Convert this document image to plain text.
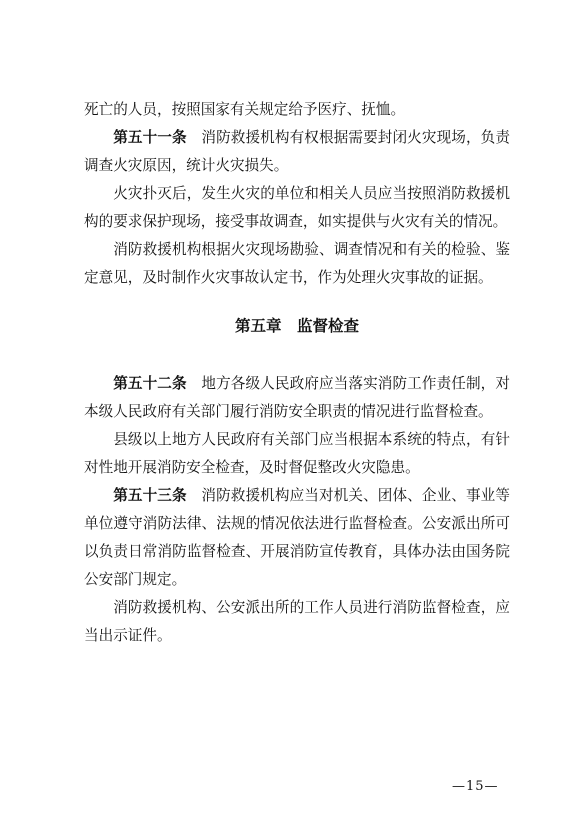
死亡的人员，按照国家有关规定给予医疗、抚恤。

第五十一条　 消防救援机构有权根据需要封闭火灾现场，负责调查火灾原因，统计火灾损失。

火灾扑灭后，发生火灾的单位和相关人员应当按照消防救援机构的要求保护现场，接受事故调查，如实提供与火灾有关的情况。

消防救援机构根据火灾现场勘验、调查情况和有关的检验、鉴定意见，及时制作火灾事故认定书，作为处理火灾事故的证据。

第五章　监督检查

第五十二条　 地方各级人民政府应当落实消防工作责任制，对本级人民政府有关部门履行消防安全职责的情况进行监督检查。

县级以上地方人民政府有关部门应当根据本系统的特点，有针对性地开展消防安全检查，及时督促整改火灾隐患。

第五十三条　 消防救援机构应当对机关、团体、企业、事业等单位遵守消防法律、法规的情况依法进行监督检查。公安派出所可以负责日常消防监督检查、开展消防宣传教育，具体办法由国务院公安部门规定。

消防救援机构、公安派出所的工作人员进行消防监督检查，应当出示证件。

—15—
